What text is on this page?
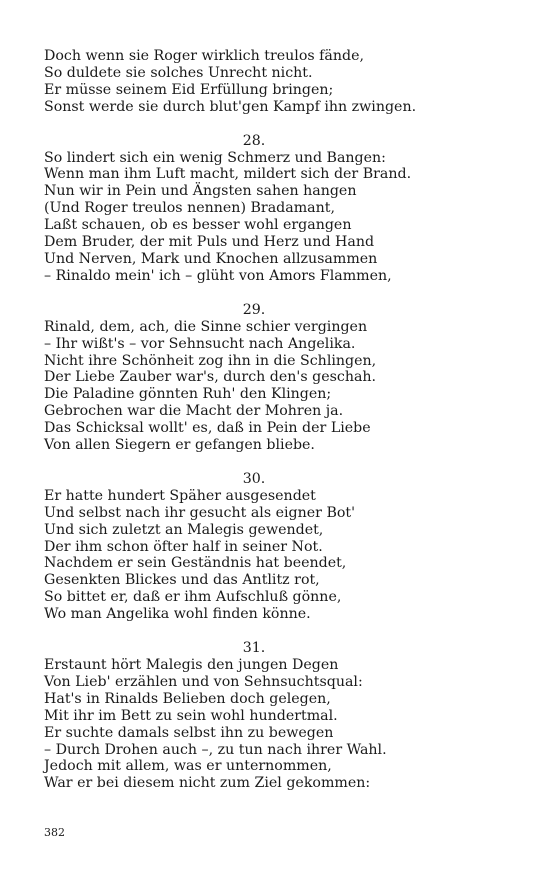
Doch wenn sie Roger wirklich treulos fände,
So duldete sie solches Unrecht nicht.
Er müsse seinem Eid Erfüllung bringen;
Sonst werde sie durch blut'gen Kampf ihn zwingen.
28.
So lindert sich ein wenig Schmerz und Bangen:
Wenn man ihm Luft macht, mildert sich der Brand.
Nun wir in Pein und Ängsten sahen hangen
(Und Roger treulos nennen) Bradamant,
Laßt schauen, ob es besser wohl ergangen
Dem Bruder, der mit Puls und Herz und Hand
Und Nerven, Mark und Knochen allzusammen
– Rinaldo mein' ich – glüht von Amors Flammen,
29.
Rinald, dem, ach, die Sinne schier vergingen
– Ihr wißt's – vor Sehnsucht nach Angelika.
Nicht ihre Schönheit zog ihn in die Schlingen,
Der Liebe Zauber war's, durch den's geschah.
Die Paladine gönnten Ruh' den Klingen;
Gebrochen war die Macht der Mohren ja.
Das Schicksal wollt' es, daß in Pein der Liebe
Von allen Siegern er gefangen bliebe.
30.
Er hatte hundert Späher ausgesendet
Und selbst nach ihr gesucht als eigner Bot'
Und sich zuletzt an Malegis gewendet,
Der ihm schon öfter half in seiner Not.
Nachdem er sein Geständnis hat beendet,
Gesenkten Blickes und das Antlitz rot,
So bittet er, daß er ihm Aufschluß gönne,
Wo man Angelika wohl finden könne.
31.
Erstaunt hört Malegis den jungen Degen
Von Lieb' erzählen und von Sehnsuchtsqual:
Hat's in Rinalds Belieben doch gelegen,
Mit ihr im Bett zu sein wohl hundertmal.
Er suchte damals selbst ihn zu bewegen
– Durch Drohen auch –, zu tun nach ihrer Wahl.
Jedoch mit allem, was er unternommen,
War er bei diesem nicht zum Ziel gekommen:
382
